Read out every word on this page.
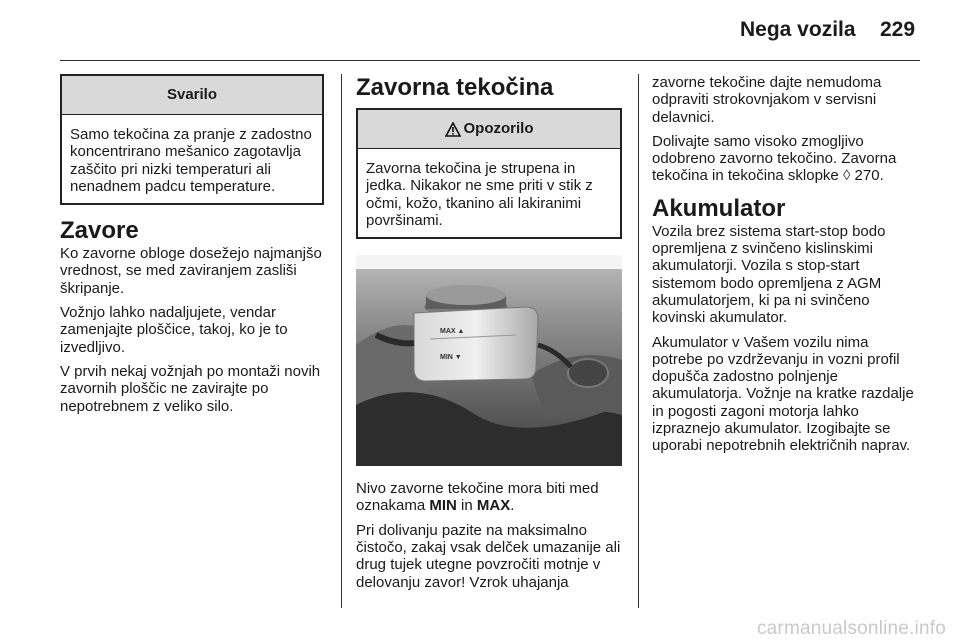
Nega vozila 229
Svarilo

Samo tekočina za pranje z zadostno koncentrirano mešanico zagotavlja zaščito pri nizki temperaturi ali nenadnem padcu temperature.

Zavore

Ko zavorne obloge dosežejo najmanjšo vrednost, se med zaviranjem zasliši škripanje.

Vožnjo lahko nadaljujete, vendar zamenjajte ploščice, takoj, ko je to izvedljivo.

V prvih nekaj vožnjah po montaži novih zavornih ploščic ne zavirajte po nepotrebnem z veliko silo.

Zavorna tekočina
Opozorilo

Zavorna tekočina je strupena in jedka. Nikakor ne sme priti v stik z očmi, kožo, tkanino ali lakiranimi površinami.

MAX ▲
MIN ▼

Nivo zavorne tekočine mora biti med oznakama MIN in MAX.

Pri dolivanju pazite na maksimalno čistočo, zakaj vsak delček umazanije ali drug tujek utegne povzročiti motnje v delovanju zavor! Vzrok uhajanja

zavorne tekočine dajte nemudoma odpraviti strokovnjakom v servisni delavnici.

Dolivajte samo visoko zmogljivo odobreno zavorno tekočino. Zavorna tekočina in tekočina sklopke ◊ 270.

Akumulator

Vozila brez sistema start-stop bodo opremljena z svinčeno kislinskimi akumulatorji. Vozila s stop-start sistemom bodo opremljena z AGM akumulatorjem, ki pa ni svinčeno kovinski akumulator.

Akumulator v Vašem vozilu nima potrebe po vzdrževanju in vozni profil dopušča zadostno polnjenje akumulatorja. Vožnje na kratke razdalje in pogosti zagoni motorja lahko izpraznejo akumulator. Izogibajte se uporabi nepotrebnih električnih naprav.

carmanualsonline.info
